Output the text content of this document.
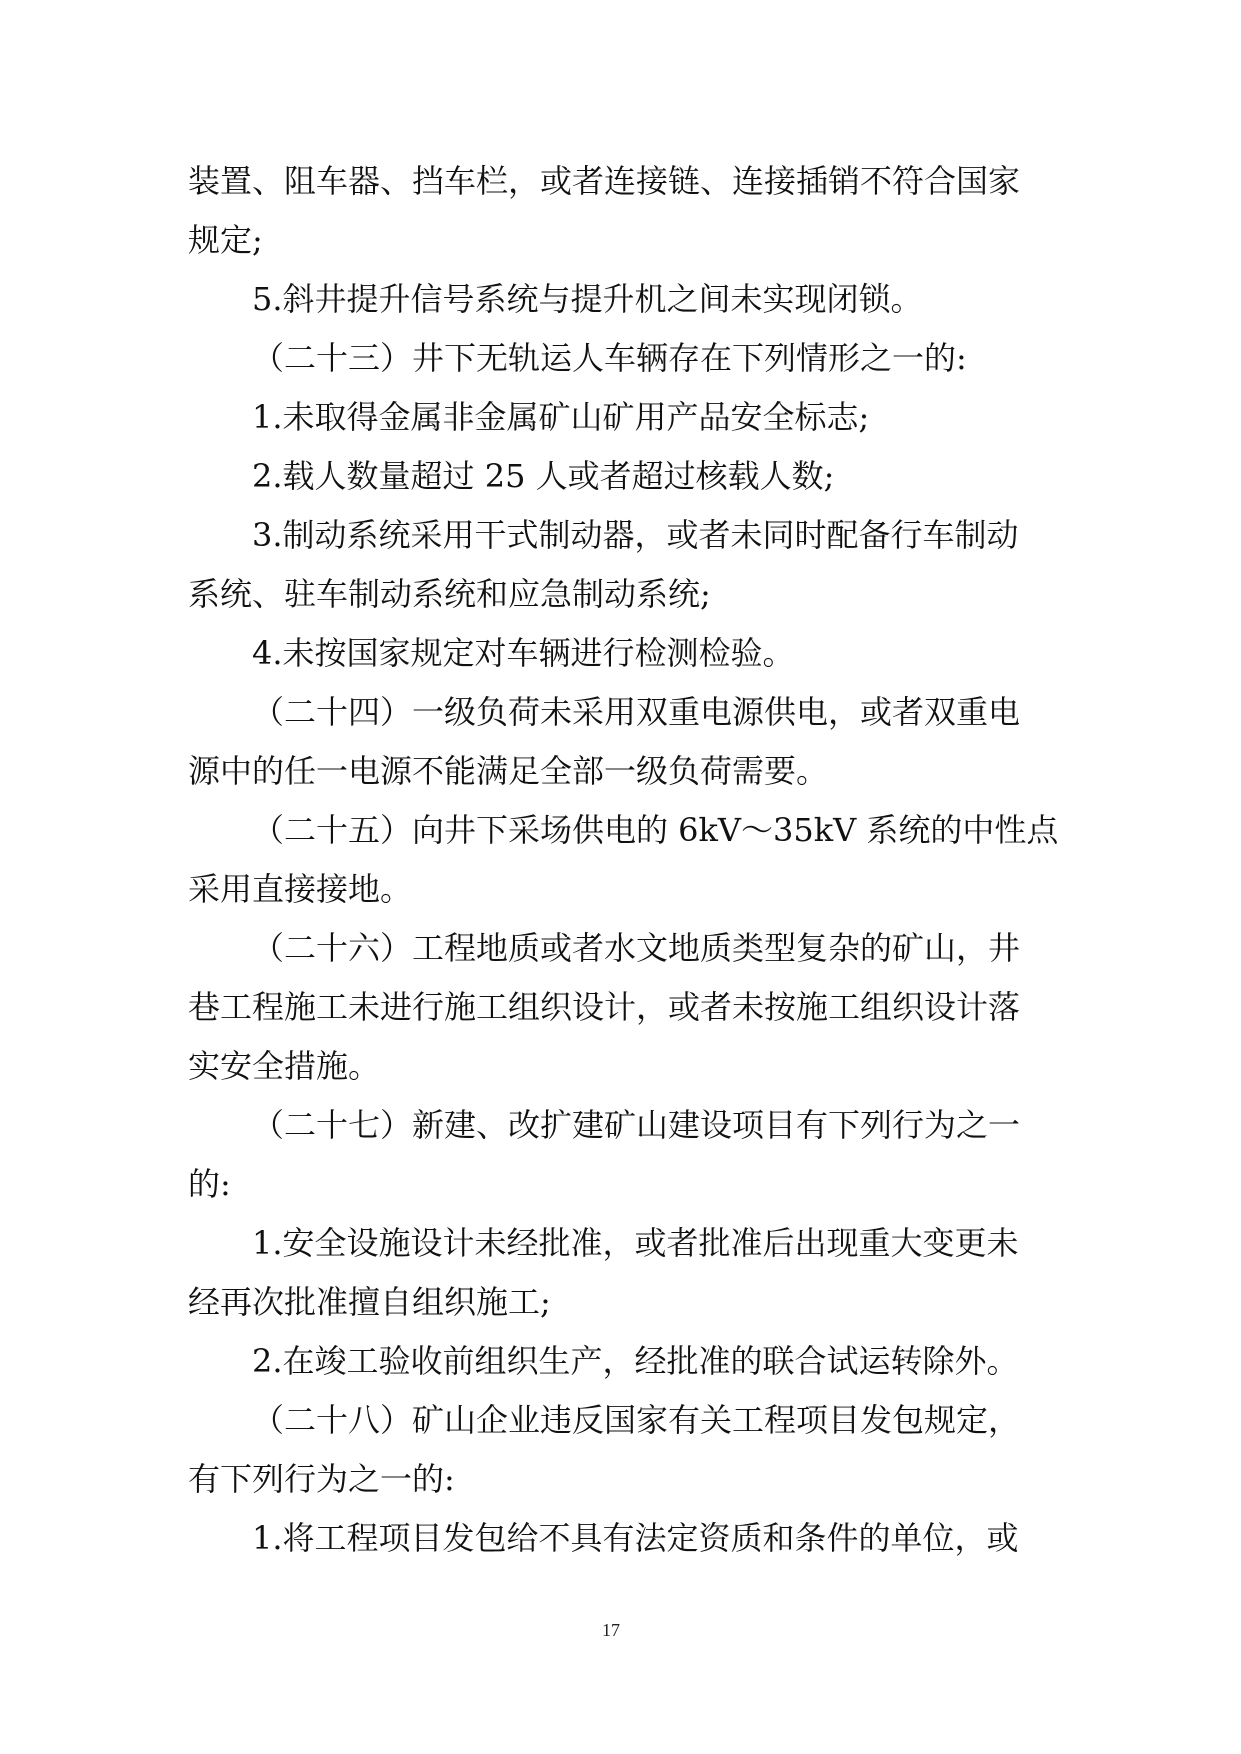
装置、阻车器、挡车栏，或者连接链、连接插销不符合国家
规定;
5.斜井提升信号系统与提升机之间未实现闭锁。
（二十三）井下无轨运人车辆存在下列情形之一的:
1.未取得金属非金属矿山矿用产品安全标志;
2.载人数量超过 25 人或者超过核载人数;
3.制动系统采用干式制动器，或者未同时配备行车制动
系统、驻车制动系统和应急制动系统;
4.未按国家规定对车辆进行检测检验。
（二十四）一级负荷未采用双重电源供电，或者双重电
源中的任一电源不能满足全部一级负荷需要。
（二十五）向井下采场供电的 6kV～35kV 系统的中性点
采用直接接地。
（二十六）工程地质或者水文地质类型复杂的矿山，井
巷工程施工未进行施工组织设计，或者未按施工组织设计落
实安全措施。
（二十七）新建、改扩建矿山建设项目有下列行为之一
的:
1.安全设施设计未经批准，或者批准后出现重大变更未
经再次批准擅自组织施工;
2.在竣工验收前组织生产，经批准的联合试运转除外。
（二十八）矿山企业违反国家有关工程项目发包规定，
有下列行为之一的:
1.将工程项目发包给不具有法定资质和条件的单位，或
17
